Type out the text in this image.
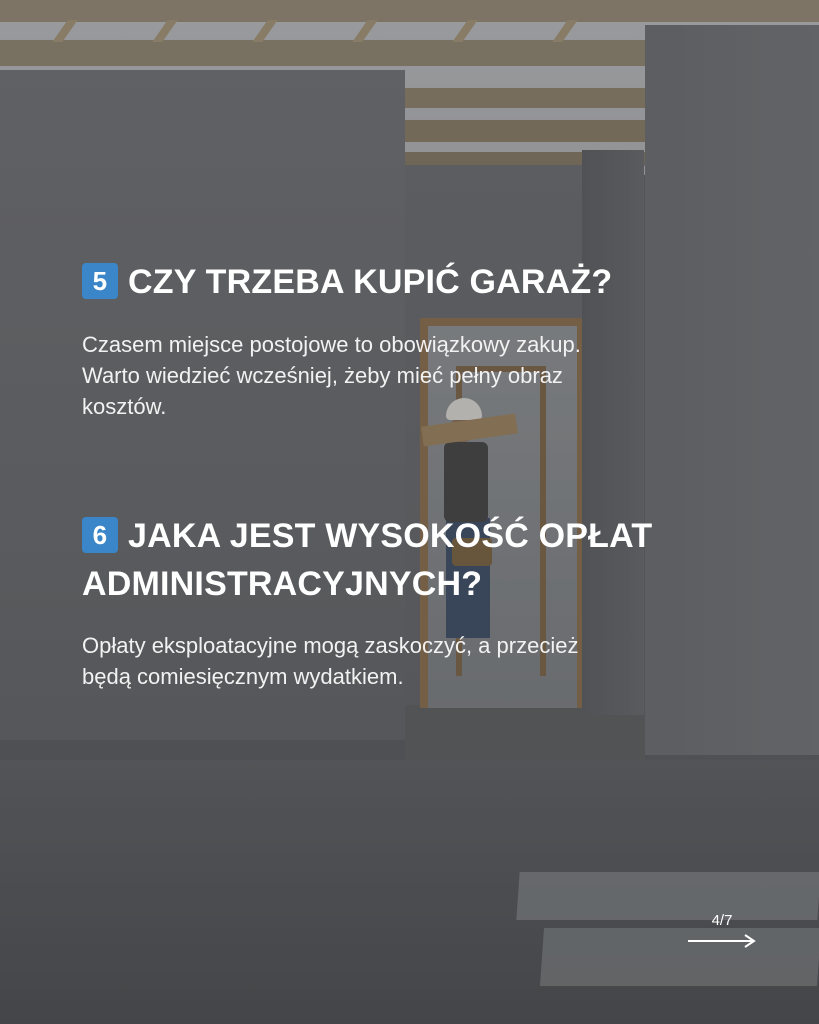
5 CZY TRZEBA KUPIĆ GARAŻ?

Czasem miejsce postojowe to obowiązkowy zakup.
Warto wiedzieć wcześniej, żeby mieć pełny obraz
kosztów.

6 JAKA JEST WYSOKOŚĆ OPŁAT
ADMINISTRACYJNYCH?

Opłaty eksploatacyjne mogą zaskoczyć, a przecież
będą comiesięcznym wydatkiem.

4/7
